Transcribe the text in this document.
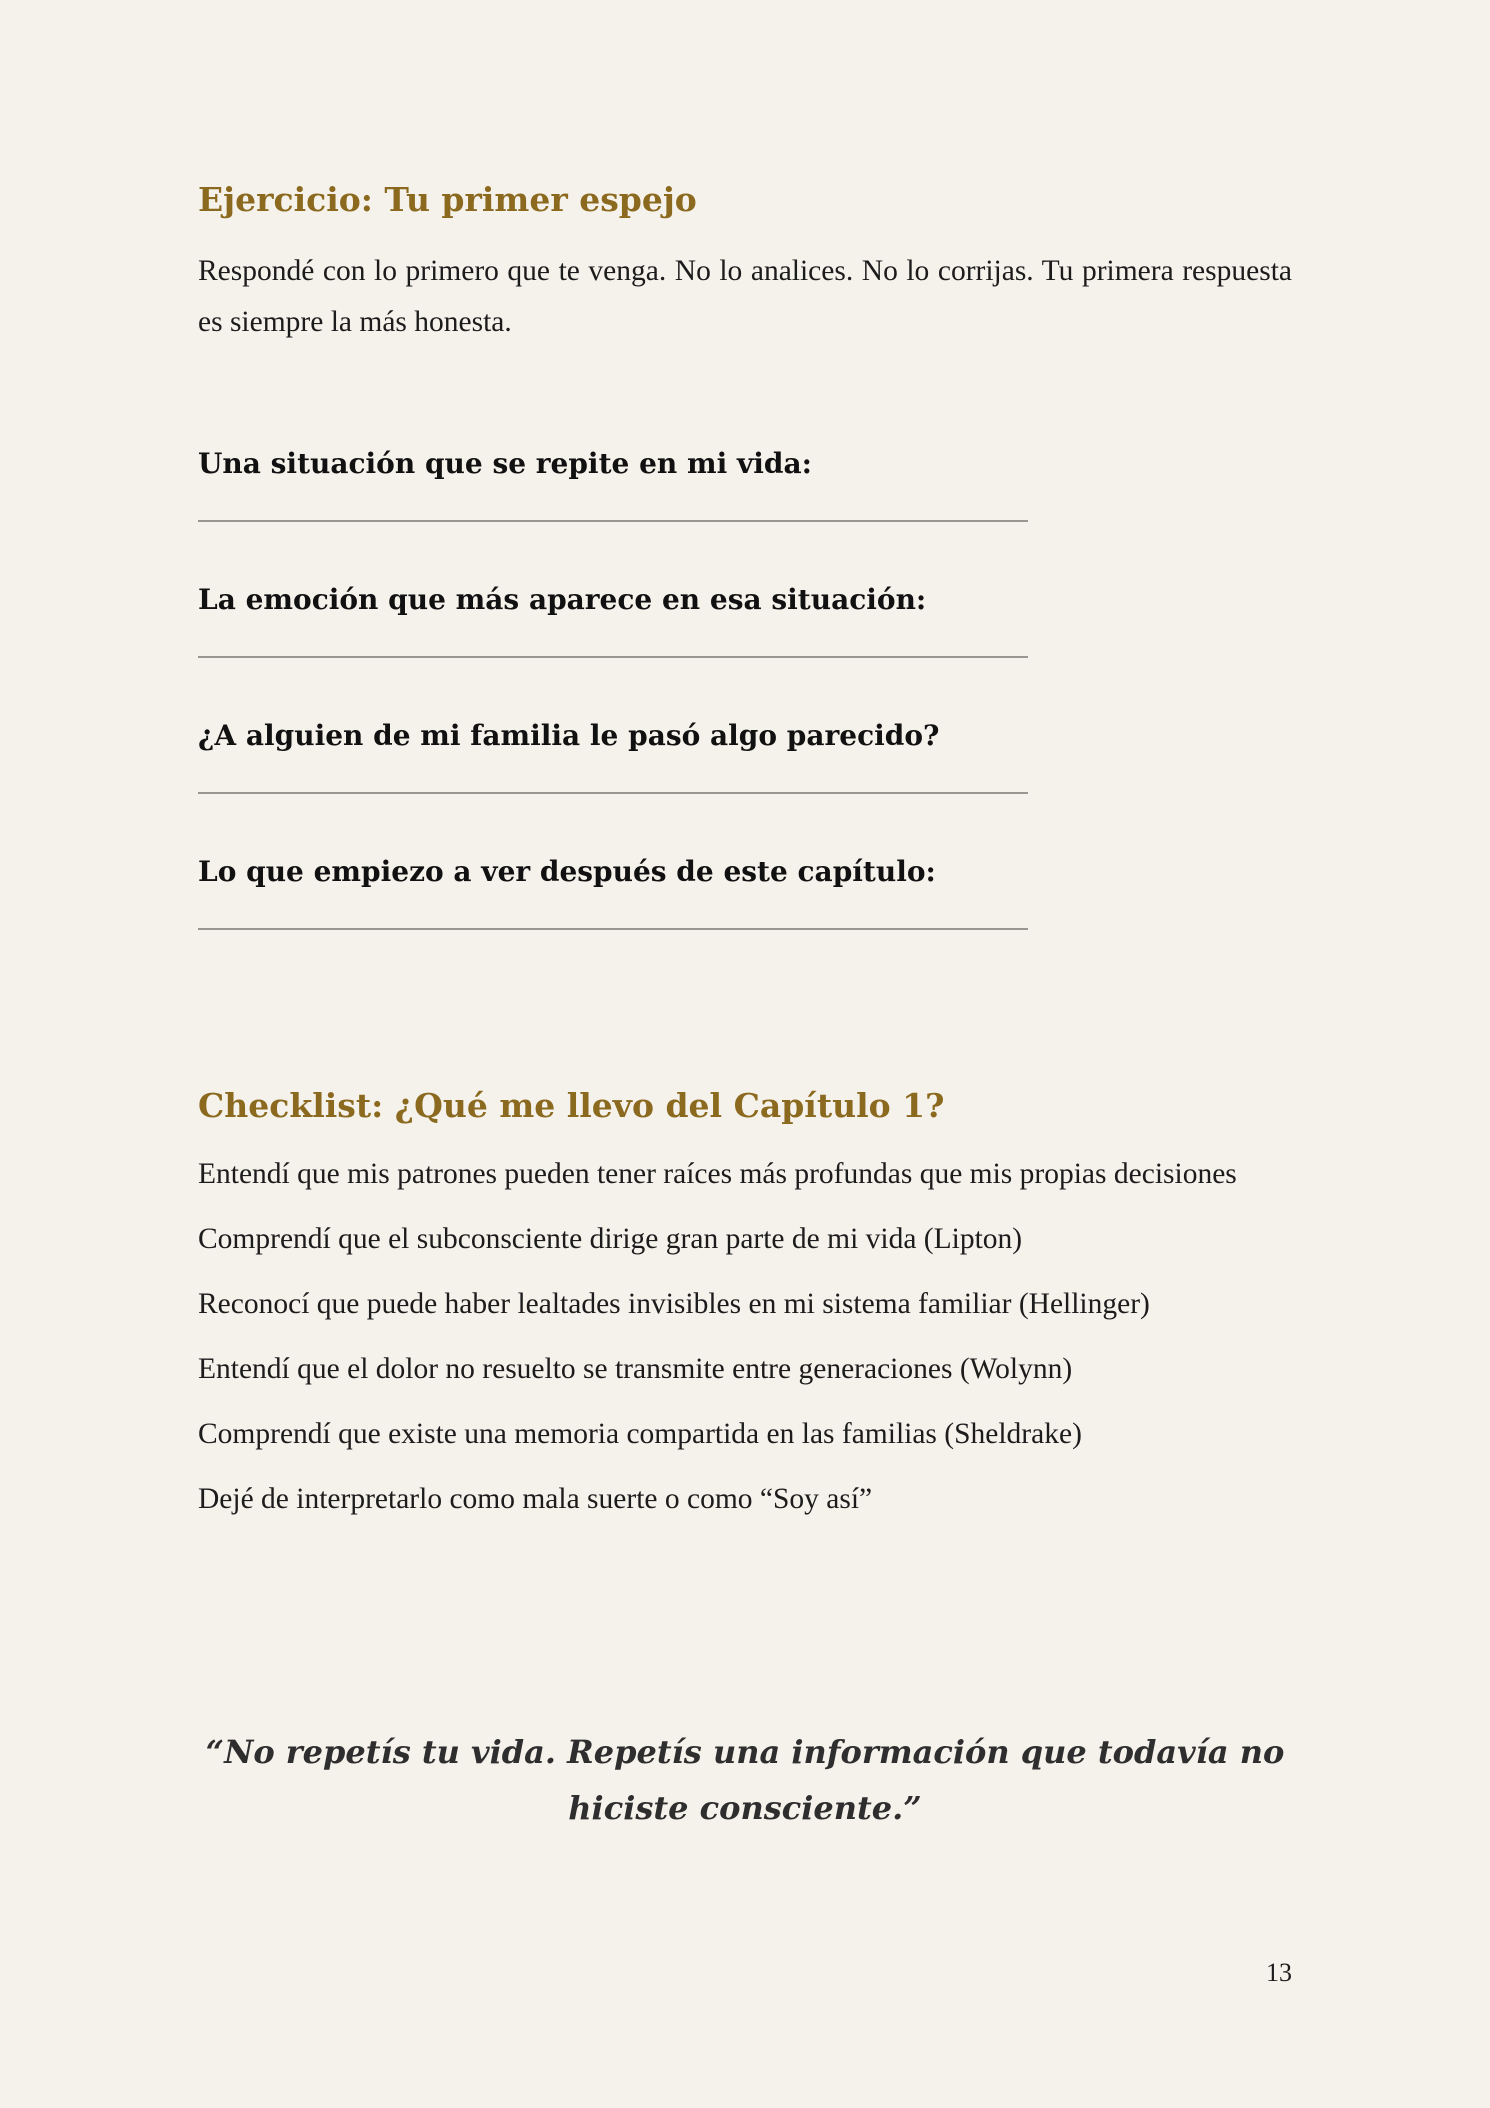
Ejercicio: Tu primer espejo

Respondé con lo primero que te venga. No lo analices. No lo corrijas. Tu primera respuesta es siempre la más honesta.

Una situación que se repite en mi vida:
La emoción que más aparece en esa situación:
¿A alguien de mi familia le pasó algo parecido?
Lo que empiezo a ver después de este capítulo:
Checklist: ¿Qué me llevo del Capítulo 1?
Entendí que mis patrones pueden tener raíces más profundas que mis propias decisiones
Comprendí que el subconsciente dirige gran parte de mi vida (Lipton)
Reconocí que puede haber lealtades invisibles en mi sistema familiar (Hellinger)
Entendí que el dolor no resuelto se transmite entre generaciones (Wolynn)
Comprendí que existe una memoria compartida en las familias (Sheldrake)
Dejé de interpretarlo como mala suerte o como “Soy así”

“No repetís tu vida. Repetís una información que todavía no hiciste consciente.”

13
